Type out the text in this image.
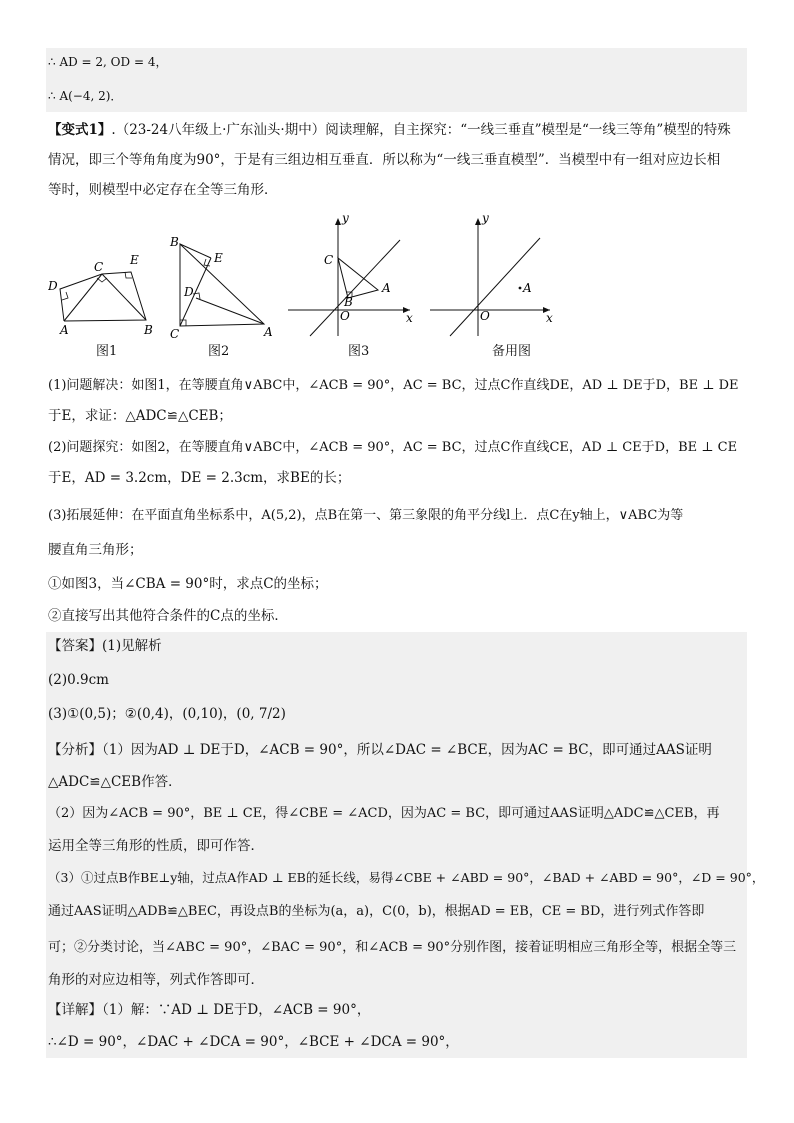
∴ AD = 2, OD = 4，
∴ A(−4, 2)．
【变式1】.（23-24八年级上·广东汕头·期中）阅读理解，自主探究：“一线三垂直”模型是“一线三等角”模型的特殊
情况，即三个等角角度为90°，于是有三组边相互垂直．所以称为“一线三垂直模型”．当模型中有一组对应边长相
等时，则模型中必定存在全等三角形．
D
C E
A	B
图1
B
E
D
C	A
图2
y
C
A
B
O	x
图3
y
A
O	x
备用图
(1)问题解决：如图1，在等腰直角∨ABC中，∠ACB = 90°，AC = BC，过点C作直线DE，AD ⊥ DE于D，BE ⊥ DE
于E，求证：△ADC≌△CEB；
(2)问题探究：如图2，在等腰直角∨ABC中，∠ACB = 90°，AC = BC，过点C作直线CE，AD ⊥ CE于D，BE ⊥ CE
于E，AD = 3.2cm，DE = 2.3cm，求BE的长；
(3)拓展延伸：在平面直角坐标系中，A(5,2)，点B在第一、第三象限的角平分线l上．点C在y轴上，∨ABC为等
腰直角三角形；
①如图3，当∠CBA = 90°时，求点C的坐标；
②直接写出其他符合条件的C点的坐标．
【答案】(1)见解析
(2)0.9cm
(3)①(0,5)；②(0,4)，(0,10)，(0, 7/2)
【分析】（1）因为AD ⊥ DE于D，∠ACB = 90°，所以∠DAC = ∠BCE，因为AC = BC，即可通过AAS证明
△ADC≌△CEB作答．
（2）因为∠ACB = 90°，BE ⊥ CE，得∠CBE = ∠ACD，因为AC = BC，即可通过AAS证明△ADC≌△CEB，再
运用全等三角形的性质，即可作答．
（3）①过点B作BE⊥y轴，过点A作AD ⊥ EB的延长线，易得∠CBE + ∠ABD = 90°，∠BAD + ∠ABD = 90°，∠D = 90°，
通过AAS证明△ADB≌△BEC，再设点B的坐标为(a，a)，C(0，b)，根据AD = EB，CE = BD，进行列式作答即
可；②分类讨论，当∠ABC = 90°，∠BAC = 90°，和∠ACB = 90°分别作图，接着证明相应三角形全等，根据全等三
角形的对应边相等，列式作答即可．
【详解】（1）解：∵AD ⊥ DE于D，∠ACB = 90°，
∴∠D = 90°，∠DAC + ∠DCA = 90°，∠BCE + ∠DCA = 90°，
